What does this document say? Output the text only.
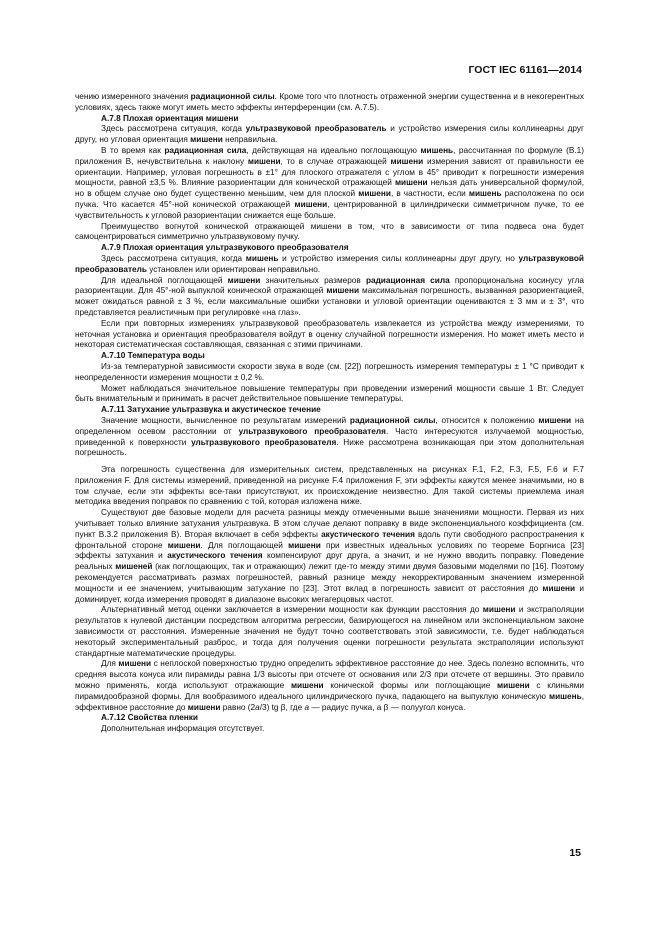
ГОСТ IEC 61161—2014

чению измеренного значения радиационной силы. Кроме того что плотность отраженной энергии существенна и в некогерентных условиях, здесь также могут иметь место эффекты интерференции (см. А.7.5).

A.7.8 Плохая ориентация мишени

Здесь рассмотрена ситуация, когда ультразвуковой преобразователь и устройство измерения силы коллинеарны друг другу, но угловая ориентация мишени неправильна.

В то время как радиационная сила, действующая на идеально поглощающую мишень, рассчитанная по формуле (B.1) приложения B, нечувствительна к наклону мишени, то в случае отражающей мишени измерения зависят от правильности ее ориентации. Например, угловая погрешность в ±1° для плоского отражателя с углом в 45° приводит к погрешности измерения мощности, равной ±3,5 %. Влияние разориентации для конической отражающей мишени нельзя дать универсальной формулой, но в общем случае оно будет существенно меньшим, чем для плоской мишени, в частности, если мишень расположена по оси пучка. Что касается 45°-ной конической отражающей мишени, центрированной в цилиндрически симметричном пучке, то ее чувствительность к угловой разориентации снижается еще больше.

Преимущество вогнутой конической отражающей мишени в том, что в зависимости от типа подвеса она будет самоцентрироваться симметрично ультразвуковому пучку.

A.7.9 Плохая ориентация ультразвукового преобразователя

Здесь рассмотрена ситуация, когда мишень и устройство измерения силы коллинеарны друг другу, но ультразвуковой преобразователь установлен или ориентирован неправильно.

Для идеальной поглощающей мишени значительных размеров радиационная сила пропорциональна косинусу угла разориентации. Для 45°-ной выпуклой конической отражающей мишени максимальная погрешность, вызванная разориентацией, может ожидаться равной ± 3 %, если максимальные ошибки установки и угловой ориентации оцениваются ± 3 мм и ± 3°, что представляется реалистичным при регулировке «на глаз».

Если при повторных измерениях ультразвуковой преобразователь извлекается из устройства между измерениями, то неточная установка и ориентация преобразователя войдут в оценку случайной погрешности измерения. Но может иметь место и некоторая систематическая составляющая, связанная с этими причинами.

A.7.10 Температура воды

Из-за температурной зависимости скорости звука в воде (см. [22]) погрешность измерения температуры ± 1 °C приводит к неопределенности измерения мощности ± 0,2 %.

Может наблюдаться значительное повышение температуры при проведении измерений мощности свыше 1 Вт. Следует быть внимательным и принимать в расчет действительное повышение температуры.

A.7.11 Затухание ультразвука и акустическое течение

Значение мощности, вычисленное по результатам измерений радиационной силы, относится к положению мишени на определенном осевом расстоянии от ультразвукового преобразователя. Часто интересуются излучаемой мощностью, приведенной к поверхности ультразвукового преобразователя. Ниже рассмотрена возникающая при этом дополнительная погрешность.

Эта погрешность существенна для измерительных систем, представленных на рисунках F.1, F.2, F.3, F.5, F.6 и F.7 приложения F. Для системы измерений, приведенной на рисунке F.4 приложения F, эти эффекты кажутся менее значимыми, но в том случае, если эти эффекты все-таки присутствуют, их происхождение неизвестно. Для такой системы приемлема иная методика введения поправок по сравнению с той, которая изложена ниже.

Существуют две базовые модели для расчета разницы между отмеченными выше значениями мощности. Первая из них учитывает только влияние затухания ультразвука. В этом случае делают поправку в виде экспоненциального коэффициента (см. пункт B.3.2 приложения B). Вторая включает в себя эффекты акустического течения вдоль пути свободного распространения к фронтальной стороне мишени. Для поглощающей мишени при известных идеальных условиях по теореме Боргниса [23] эффекты затухания и акустического течения компенсируют друг друга, а значит, и не нужно вводить поправку. Поведение реальных мишеней (как поглощающих, так и отражающих) лежит где-то между этими двумя базовыми моделями по [16]. Поэтому рекомендуется рассматривать размах погрешностей, равный разнице между некорректированным значением измеренной мощности и ее значением, учитывающим затухание по [23]. Этот вклад в погрешность зависит от расстояния до мишени и доминирует, когда измерения проводят в диапазоне высоких мегагерцовых частот.

Альтернативный метод оценки заключается в измерении мощности как функции расстояния до мишени и экстраполяции результатов к нулевой дистанции посредством алгоритма регрессии, базирующегося на линейном или экспоненциальном законе зависимости от расстояния. Измеренные значения не будут точно соответствовать этой зависимости, т.е. будет наблюдаться некоторый экспериментальный разброс, и тогда для получения оценки погрешности результата экстраполяции используют стандартные математические процедуры.

Для мишени с неплоской поверхностью трудно определить эффективное расстояние до нее. Здесь полезно вспомнить, что средняя высота конуса или пирамиды равна 1/3 высоты при отсчете от основания или 2/3 при отсчете от вершины. Это правило можно применять, когда используют отражающие мишени конической формы или поглощающие мишени с клиньями пирамидообразной формы. Для вообразимого идеального цилиндрического пучка, падающего на выпуклую коническую мишень, эффективное расстояние до мишени равно (2a/3) tg β, где a — радиус пучка, а β — полуугол конуса.

A.7.12 Свойства пленки

Дополнительная информация отсутствует.

15
